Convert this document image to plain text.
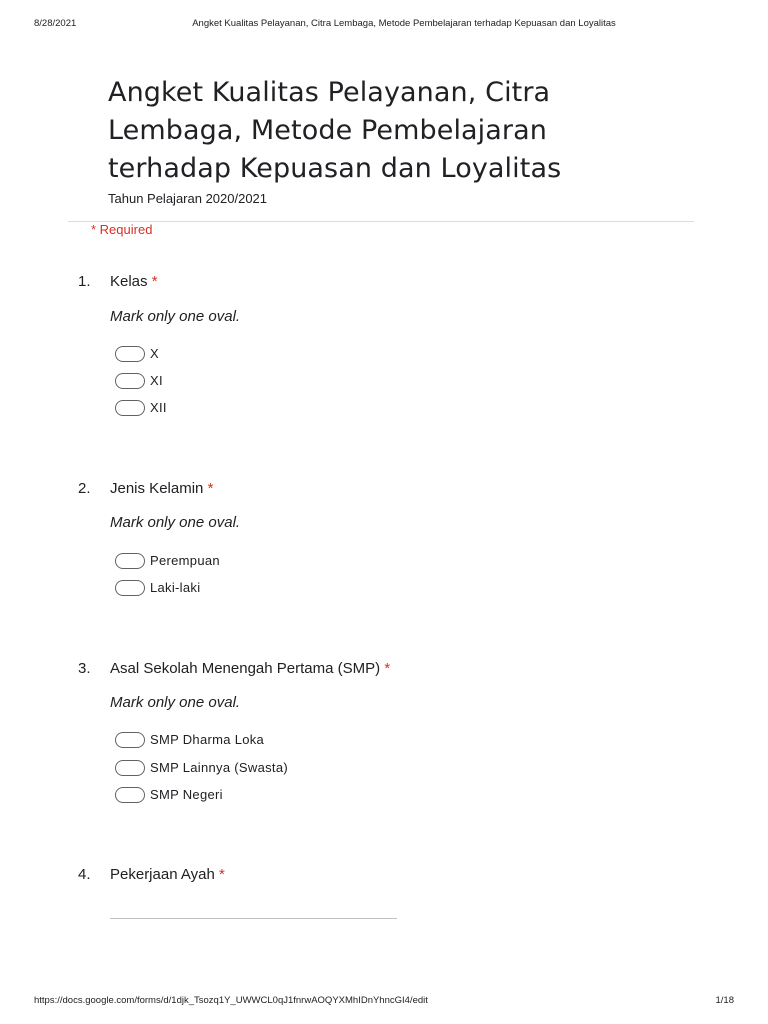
8/28/2021	Angket Kualitas Pelayanan, Citra Lembaga, Metode Pembelajaran terhadap Kepuasan dan Loyalitas
Angket Kualitas Pelayanan, Citra Lembaga, Metode Pembelajaran terhadap Kepuasan dan Loyalitas
Tahun Pelajaran 2020/2021
* Required
1. Kelas *
Mark only one oval.
X
XI
XII
2. Jenis Kelamin *
Mark only one oval.
Perempuan
Laki-laki
3. Asal Sekolah Menengah Pertama (SMP) *
Mark only one oval.
SMP Dharma Loka
SMP Lainnya (Swasta)
SMP Negeri
4. Pekerjaan Ayah *
https://docs.google.com/forms/d/1djk_Tsozq1Y_UWWCL0qJ1fnrwAOQYXMhIDnYhncGI4/edit	1/18
